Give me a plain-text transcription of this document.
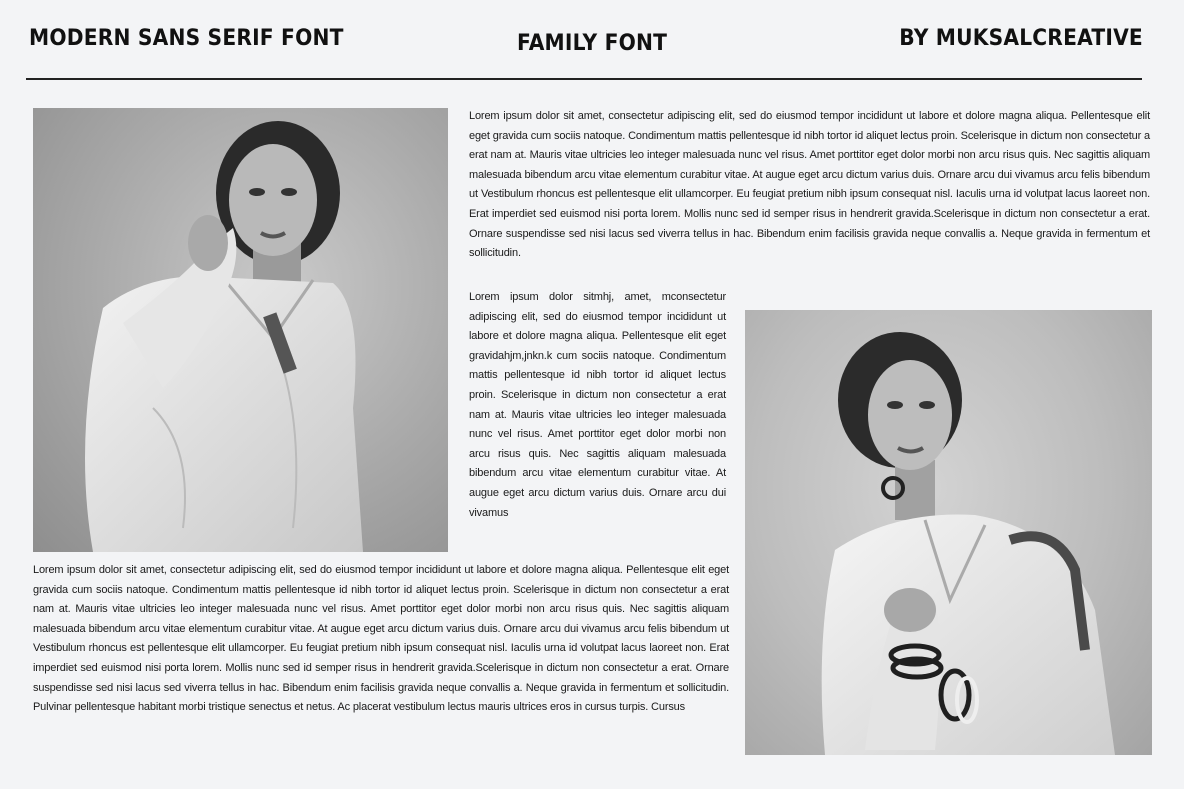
MODERN SANS SERIF FONT	FAMILY FONT	BY MUKSALCREATIVE

Lorem ipsum dolor sit amet, consectetur adipiscing elit, sed do eiusmod tempor incididunt ut labore et dolore magna aliqua. Pellentesque elit eget gravida cum sociis natoque. Condimentum mattis pellentesque id nibh tortor id aliquet lectus proin. Scelerisque in dictum non consectetur a erat nam at. Mauris vitae ultricies leo integer malesuada nunc vel risus. Amet porttitor eget dolor morbi non arcu risus quis. Nec sagittis aliquam malesuada bibendum arcu vitae elementum curabitur vitae. At augue eget arcu dictum varius duis. Ornare arcu dui vivamus arcu felis bibendum ut Vestibulum rhoncus est pellentesque elit ullamcorper. Eu feugiat pretium nibh ipsum consequat nisl. Iaculis urna id volutpat lacus laoreet non. Erat imperdiet sed euismod nisi porta lorem. Mollis nunc sed id semper risus in hendrerit gravida.Scelerisque in dictum non consectetur a erat. Ornare suspendisse sed nisi lacus sed viverra tellus in hac. Bibendum enim facilisis gravida neque convallis a. Neque gravida in fermentum et sollicitudin.

Lorem ipsum dolor sitmhj, amet, mconsectetur adipiscing elit, sed do eiusmod tempor incididunt ut labore et dolore magna aliqua. Pellentesque elit eget gravidahjm,jnkn.k cum sociis natoque. Condimentum mattis pellentesque id nibh tortor id aliquet lectus proin. Scelerisque in dictum non consectetur a erat nam at. Mauris vitae ultricies leo integer malesuada nunc vel risus. Amet porttitor eget dolor morbi non arcu risus quis. Nec sagittis aliquam malesuada bibendum arcu vitae elementum curabitur vitae. At augue eget arcu dictum varius duis. Ornare arcu dui vivamus

Lorem ipsum dolor sit amet, consectetur adipiscing elit, sed do eiusmod tempor incididunt ut labore et dolore magna aliqua. Pellentesque elit eget gravida cum sociis natoque. Condimentum mattis pellentesque id nibh tortor id aliquet lectus proin. Scelerisque in dictum non consectetur a erat nam at. Mauris vitae ultricies leo integer malesuada nunc vel risus. Amet porttitor eget dolor morbi non arcu risus quis. Nec sagittis aliquam malesuada bibendum arcu vitae elementum curabitur vitae. At augue eget arcu dictum varius duis. Ornare arcu dui vivamus arcu felis bibendum ut Vestibulum rhoncus est pellentesque elit ullamcorper. Eu feugiat pretium nibh ipsum consequat nisl. Iaculis urna id volutpat lacus laoreet non. Erat imperdiet sed euismod nisi porta lorem. Mollis nunc sed id semper risus in hendrerit gravida.Scelerisque in dictum non consectetur a erat. Ornare suspendisse sed nisi lacus sed viverra tellus in hac. Bibendum enim facilisis gravida neque convallis a. Neque gravida in fermentum et sollicitudin. Pulvinar pellentesque habitant morbi tristique senectus et netus. Ac placerat vestibulum lectus mauris ultrices eros in cursus turpis. Cursus
